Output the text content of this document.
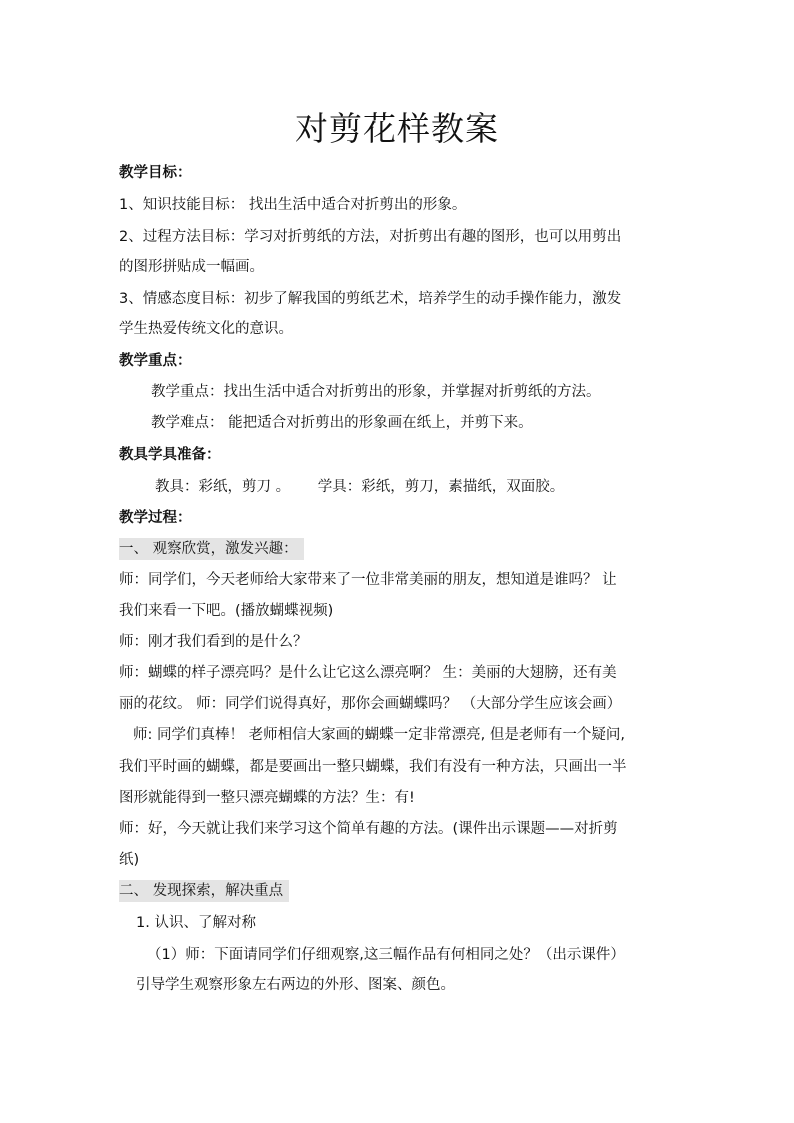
对剪花样教案
教学目标：
1、知识技能目标： 找出生活中适合对折剪出的形象。
2、过程方法目标：学习对折剪纸的方法，对折剪出有趣的图形，也可以用剪出
的图形拼贴成一幅画。
3、情感态度目标：初步了解我国的剪纸艺术，培养学生的动手操作能力，激发
学生热爱传统文化的意识。
教学重点：
教学重点：找出生活中适合对折剪出的形象，并掌握对折剪纸的方法。
教学难点： 能把适合对折剪出的形象画在纸上，并剪下来。
教具学具准备：
教具：彩纸，剪刀 。      学具：彩纸，剪刀，素描纸，双面胶。
教学过程：
一、 观察欣赏，激发兴趣：
师：同学们，今天老师给大家带来了一位非常美丽的朋友，想知道是谁吗？ 让
我们来看一下吧。(播放蝴蝶视频)
师：刚才我们看到的是什么？
师：蝴蝶的样子漂亮吗？是什么让它这么漂亮啊？ 生：美丽的大翅膀，还有美
丽的花纹。 师：同学们说得真好，那你会画蝴蝶吗？ （大部分学生应该会画）
师: 同学们真棒！ 老师相信大家画的蝴蝶一定非常漂亮, 但是老师有一个疑问,
我们平时画的蝴蝶，都是要画出一整只蝴蝶，我们有没有一种方法，只画出一半
图形就能得到一整只漂亮蝴蝶的方法？生：有!
师：好，今天就让我们来学习这个简单有趣的方法。(课件出示课题——对折剪
纸)
二、 发现探索，解决重点
1. 认识、了解对称
（1）师：下面请同学们仔细观察,这三幅作品有何相同之处？（出示课件）
引导学生观察形象左右两边的外形、图案、颜色。
